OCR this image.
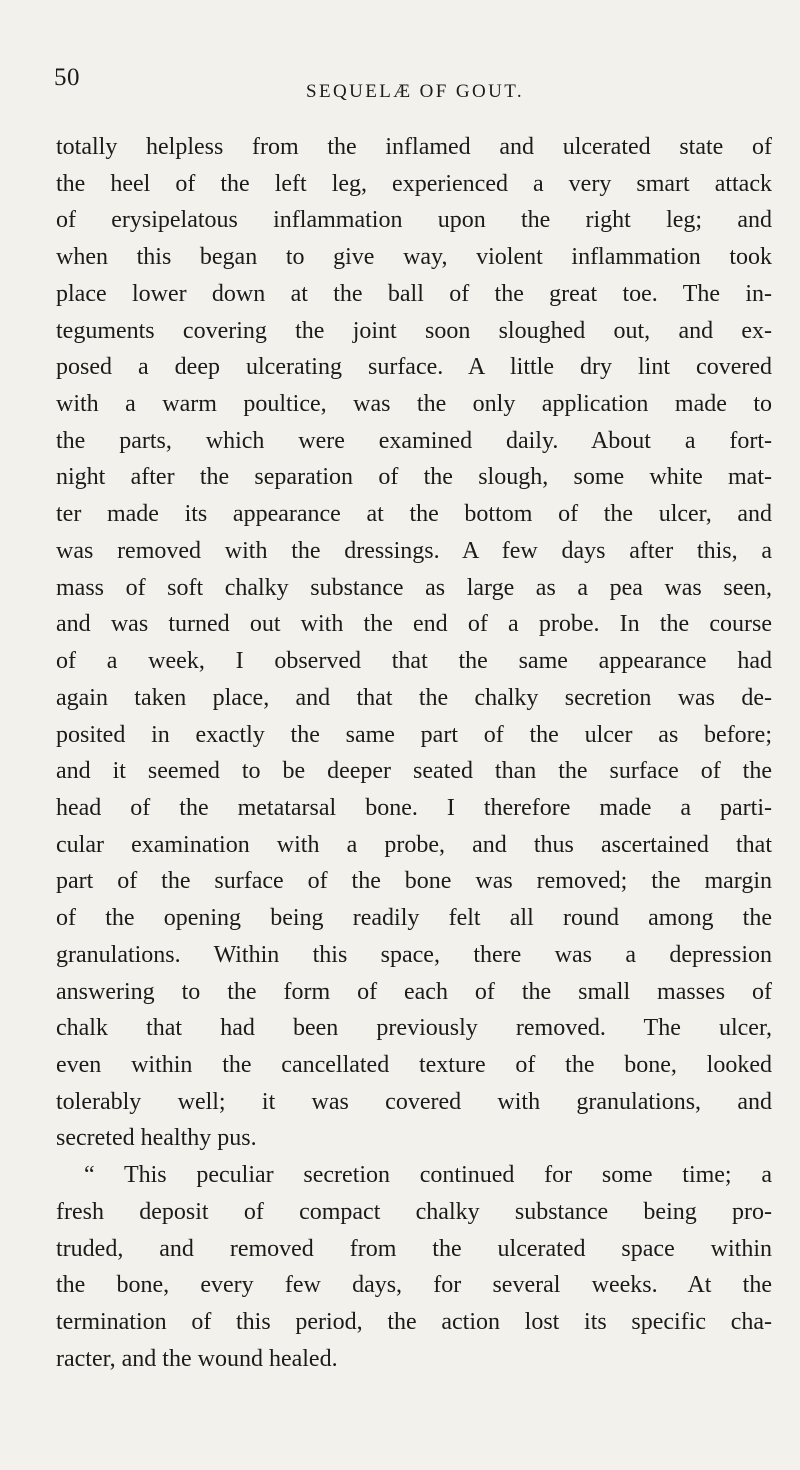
50
SEQUELÆ OF GOUT.
totally helpless from the inflamed and ulcerated state of
the heel of the left leg, experienced a very smart attack
of erysipelatous inflammation upon the right leg; and
when this began to give way, violent inflammation took
place lower down at the ball of the great toe. The in-
teguments covering the joint soon sloughed out, and ex-
posed a deep ulcerating surface. A little dry lint covered
with a warm poultice, was the only application made to
the parts, which were examined daily. About a fort-
night after the separation of the slough, some white mat-
ter made its appearance at the bottom of the ulcer, and
was removed with the dressings. A few days after this, a
mass of soft chalky substance as large as a pea was seen,
and was turned out with the end of a probe. In the course
of a week, I observed that the same appearance had
again taken place, and that the chalky secretion was de-
posited in exactly the same part of the ulcer as before;
and it seemed to be deeper seated than the surface of the
head of the metatarsal bone. I therefore made a parti-
cular examination with a probe, and thus ascertained that
part of the surface of the bone was removed; the margin
of the opening being readily felt all round among the
granulations. Within this space, there was a depression
answering to the form of each of the small masses of
chalk that had been previously removed. The ulcer,
even within the cancellated texture of the bone, looked
tolerably well; it was covered with granulations, and
secreted healthy pus.
“ This peculiar secretion continued for some time; a
fresh deposit of compact chalky substance being pro-
truded, and removed from the ulcerated space within
the bone, every few days, for several weeks. At the
termination of this period, the action lost its specific cha-
racter, and the wound healed.
